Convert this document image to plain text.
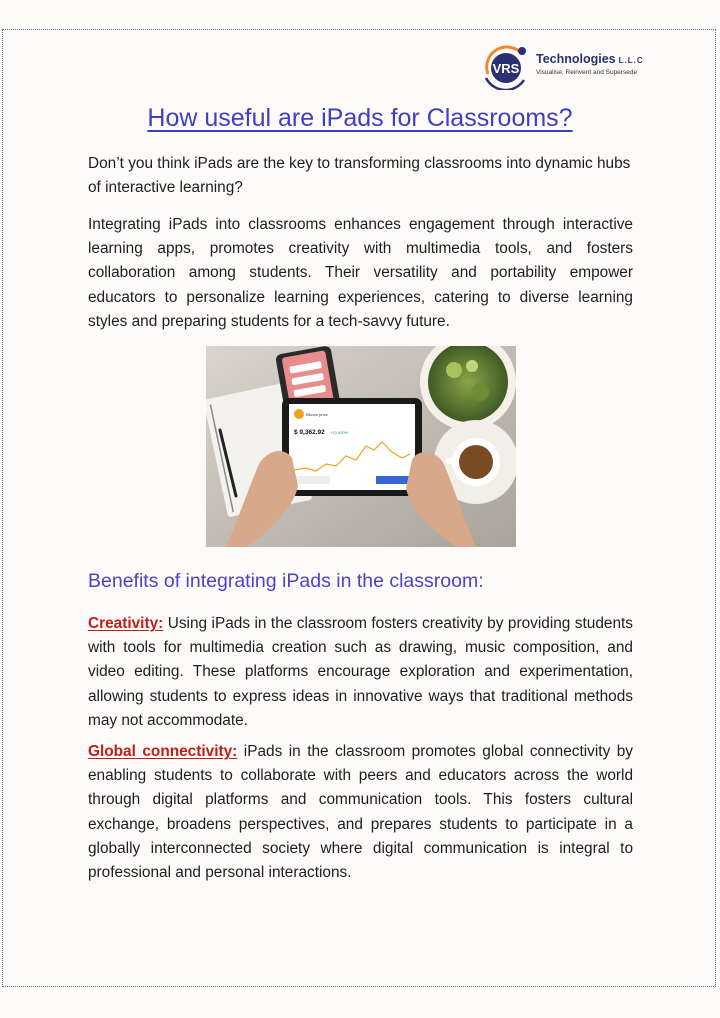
VRS
Technologies L.L.C
Visualise, Reinvent and Supersede
How useful are iPads for Classrooms?

Don’t you think iPads are the key to transforming classrooms into dynamic hubs of interactive learning?

Integrating iPads into classrooms enhances engagement through interactive learning apps, promotes creativity with multimedia tools, and fosters collaboration among students. Their versatility and portability empower educators to personalize learning experiences, catering to diverse learning styles and preparing students for a tech-savvy future.

Bitcoin price
$ 9,362.92 +10.000%
Benefits of integrating iPads in the classroom:

Creativity: Using iPads in the classroom fosters creativity by providing students with tools for multimedia creation such as drawing, music composition, and video editing. These platforms encourage exploration and experimentation, allowing students to express ideas in innovative ways that traditional methods may not accommodate.

Global connectivity: iPads in the classroom promotes global connectivity by enabling students to collaborate with peers and educators across the world through digital platforms and communication tools. This fosters cultural exchange, broadens perspectives, and prepares students to participate in a globally interconnected society where digital communication is integral to professional and personal interactions.
